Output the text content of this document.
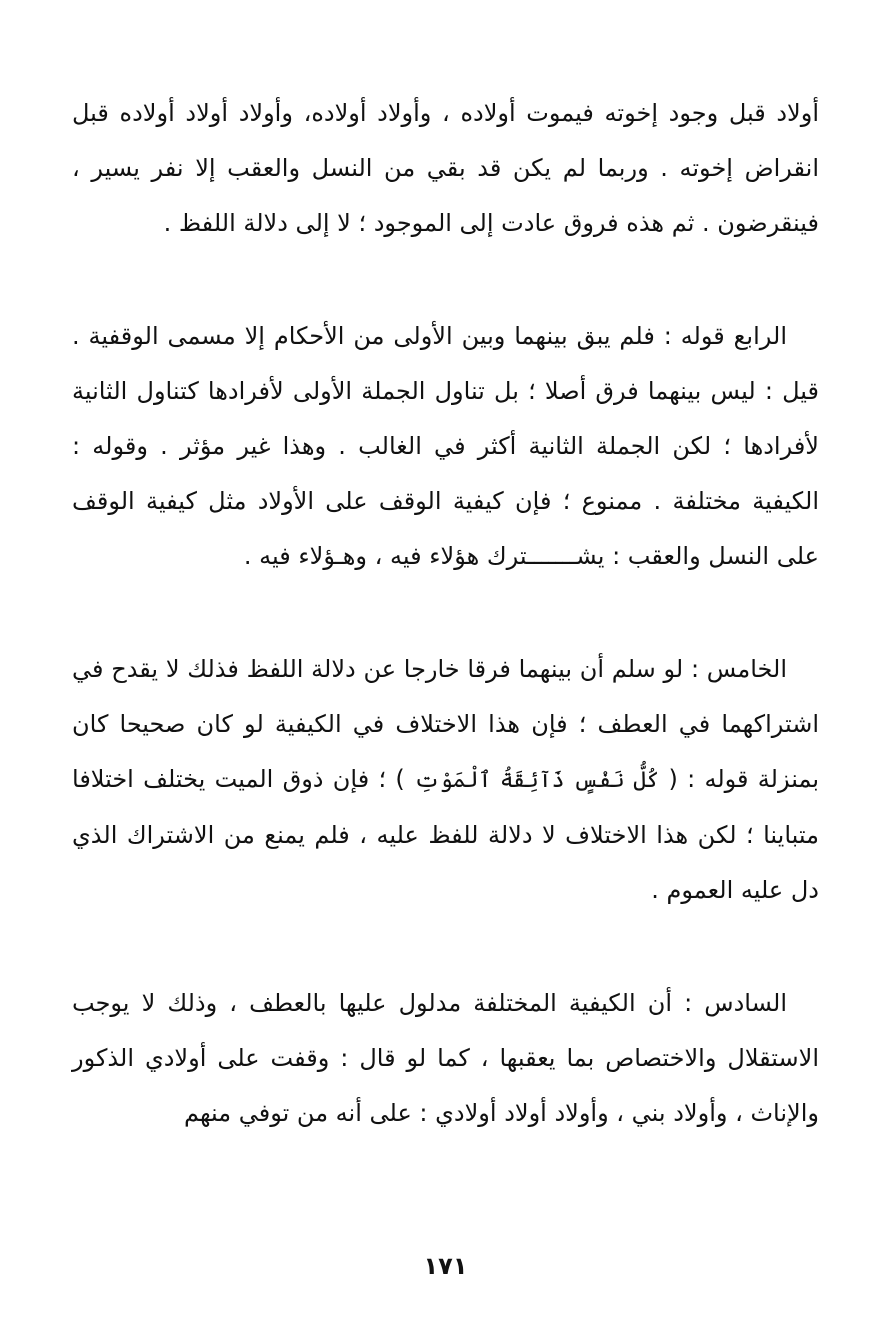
أولاد قبل وجود إخوته فيموت أولاده ، وأولاد أولاده، وأولاد أولاد أولاده قبل انقراض إخوته . وربما لم يكن قد بقي من النسل والعقب إلا نفر يسير ، فينقرضون . ثم هذه فروق عادت إلى الموجود ؛ لا إلى دلالة اللفظ .

الرابع قوله : فلم يبق بينهما وبين الأولى من الأحكام إلا مسمى الوقفية . قيل : ليس بينهما فرق أصلا ؛ بل تناول الجملة الأولى لأفرادها كتناول الثانية لأفرادها ؛ لكن الجملة الثانية أكثر في الغالب . وهذا غير مؤثر . وقوله : الكيفية مختلفة . ممنوع ؛ فإن كيفية الوقف على الأولاد مثل كيفية الوقف على النسل والعقب : يشـــــــترك هؤلاء فيه ، وهـؤلاء فيه .

الخامس : لو سلم أن بينهما فرقا خارجا عن دلالة اللفظ فذلك لا يقدح في اشتراكهما في العطف ؛ فإن هذا الاختلاف في الكيفية لو كان صحيحا كان بمنزلة قوله : ( كُلُّ نَفْسٍ ذَآئِقَةُ ٱلْمَوْتِ ) ؛ فإن ذوق الميت يختلف اختلافا متباينا ؛ لكن هذا الاختلاف لا دلالة للفظ عليه ، فلم يمنع من الاشتراك الذي دل عليه العموم .

السادس : أن الكيفية المختلفة مدلول عليها بالعطف ، وذلك لا يوجب الاستقلال والاختصاص بما يعقبها ، كما لو قال : وقفت على أولادي الذكور والإناث ، وأولاد بني ، وأولاد أولاد أولادي : على أنه من توفي منهم

١٧١
